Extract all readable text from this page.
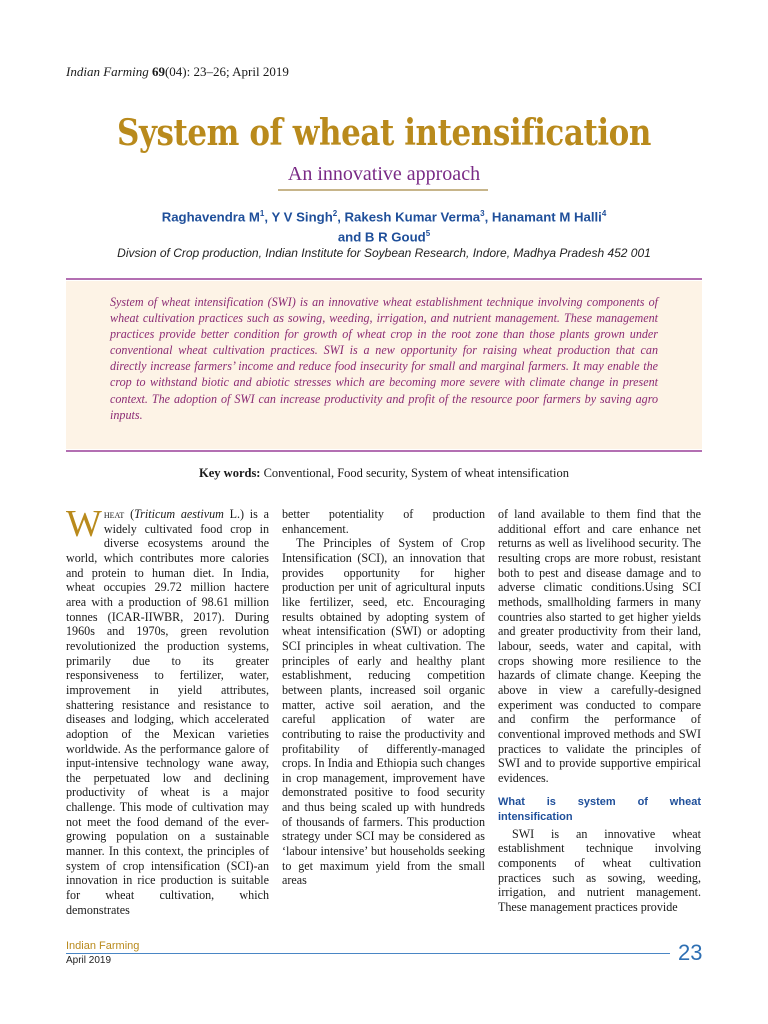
Indian Farming 69(04): 23–26; April 2019
System of wheat intensification
An innovative approach
Raghavendra $M^1$, Y V Singh$^2$, Rakesh Kumar Verma$^3$, Hanamant M Halli$^4$
and B R Goud$^5$
Divsion of Crop production, Indian Institute for Soybean Research, Indore, Madhya Pradesh 452 001

System of wheat intensification (SWI) is an innovative wheat establishment technique involving components of wheat cultivation practices such as sowing, weeding, irrigation, and nutrient management. These management practices provide better condition for growth of wheat crop in the root zone than those plants grown under conventional wheat cultivation practices. SWI is a new opportunity for raising wheat production that can directly increase farmers’ income and reduce food insecurity for small and marginal farmers. It may enable the crop to withstand biotic and abiotic stresses which are becoming more severe with climate change in present context. The adoption of SWI can increase productivity and profit of the resource poor farmers by saving agro inputs.

Key words: Conventional, Food security, System of wheat intensification

Wheat (Triticum aestivum L.) is a widely cultivated food crop in diverse ecosystems around the world, which contributes more calories and protein to human diet. In India, wheat occupies 29.72 million hactere area with a production of 98.61 million tonnes (ICAR-IIWBR, 2017). During 1960s and 1970s, green revolution revolutionized the production systems, primarily due to its greater responsiveness to fertilizer, water, improvement in yield attributes, shattering resistance and resistance to diseases and lodging, which accelerated adoption of the Mexican varieties worldwide. As the performance galore of input-intensive technology wane away, the perpetuated low and declining productivity of wheat is a major challenge. This mode of cultivation may not meet the food demand of the ever-growing population on a sustainable manner. In this context, the principles of system of crop intensification (SCI)-an innovation in rice production is suitable for wheat cultivation, which demonstrates

better potentiality of production enhancement.

The Principles of System of Crop Intensification (SCI), an innovation that provides opportunity for higher production per unit of agricultural inputs like fertilizer, seed, etc. Encouraging results obtained by adopting system of wheat intensification (SWI) or adopting SCI principles in wheat cultivation. The principles of early and healthy plant establishment, reducing competition between plants, increased soil organic matter, active soil aeration, and the careful application of water are contributing to raise the productivity and profitability of differently-managed crops. In India and Ethiopia such changes in crop management, improvement have demonstrated positive to food security and thus being scaled up with hundreds of thousands of farmers. This production strategy under SCI may be considered as ‘labour intensive’ but households seeking to get maximum yield from the small areas

of land available to them find that the additional effort and care enhance net returns as well as livelihood security. The resulting crops are more robust, resistant both to pest and disease damage and to adverse climatic conditions.Using SCI methods, smallholding farmers in many countries also started to get higher yields and greater productivity from their land, labour, seeds, water and capital, with crops showing more resilience to the hazards of climate change. Keeping the above in view a carefully-designed experiment was conducted to compare and confirm the performance of conventional improved methods and SWI practices to validate the principles of SWI and to provide supportive empirical evidences.

What is system of wheat intensification

SWI is an innovative wheat establishment technique involving components of wheat cultivation practices such as sowing, weeding, irrigation, and nutrient management. These management practices provide

Indian Farming
April 2019	23
